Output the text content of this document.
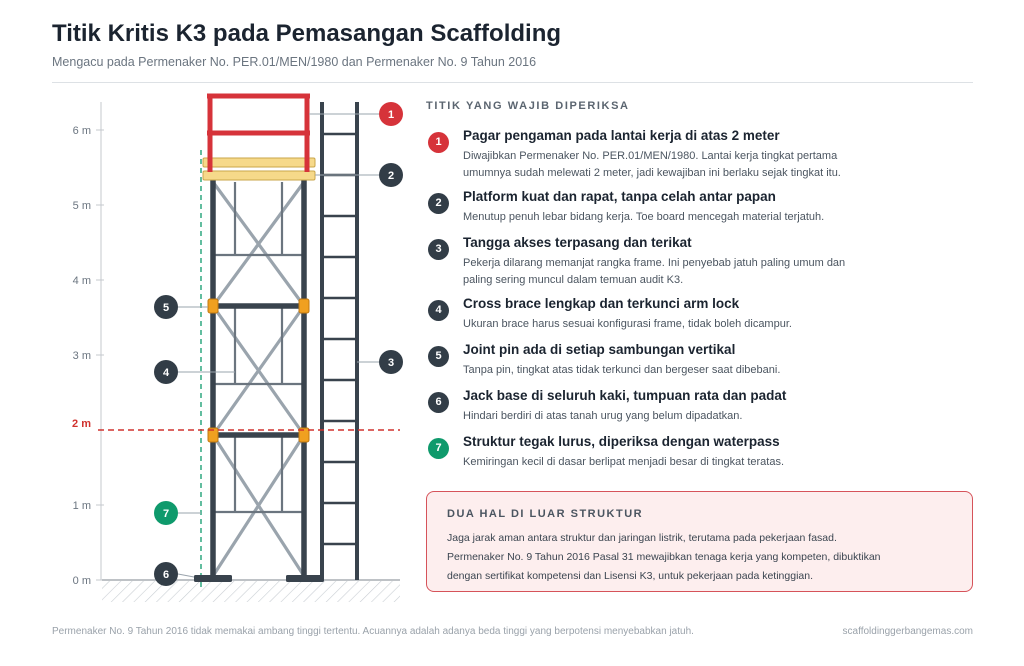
Titik Kritis K3 pada Pemasangan Scaffolding
Mengacu pada Permenaker No. PER.01/MEN/1980 dan Permenaker No. 9 Tahun 2016
0 m
1 m
2 m
3 m
4 m
5 m
6 m
1
2
3
4
5
6
7
TITIK YANG WAJIB DIPERIKSA
1	Pagar pengaman pada lantai kerja di atas 2 meter
Diwajibkan Permenaker No. PER.01/MEN/1980. Lantai kerja tingkat pertama umumnya sudah melewati 2 meter, jadi kewajiban ini berlaku sejak tingkat itu.
2	Platform kuat dan rapat, tanpa celah antar papan
Menutup penuh lebar bidang kerja. Toe board mencegah material terjatuh.
3	Tangga akses terpasang dan terikat
Pekerja dilarang memanjat rangka frame. Ini penyebab jatuh paling umum dan paling sering muncul dalam temuan audit K3.
4	Cross brace lengkap dan terkunci arm lock
Ukuran brace harus sesuai konfigurasi frame, tidak boleh dicampur.
5	Joint pin ada di setiap sambungan vertikal
Tanpa pin, tingkat atas tidak terkunci dan bergeser saat dibebani.
6	Jack base di seluruh kaki, tumpuan rata dan padat
Hindari berdiri di atas tanah urug yang belum dipadatkan.
7	Struktur tegak lurus, diperiksa dengan waterpass
Kemiringan kecil di dasar berlipat menjadi besar di tingkat teratas.
DUA HAL DI LUAR STRUKTUR
Jaga jarak aman antara struktur dan jaringan listrik, terutama pada pekerjaan fasad.
Permenaker No. 9 Tahun 2016 Pasal 31 mewajibkan tenaga kerja yang kompeten, dibuktikan
dengan sertifikat kompetensi dan Lisensi K3, untuk pekerjaan pada ketinggian.
Permenaker No. 9 Tahun 2016 tidak memakai ambang tinggi tertentu. Acuannya adalah adanya beda tinggi yang berpotensi menyebabkan jatuh.	scaffoldinggerbangemas.com
